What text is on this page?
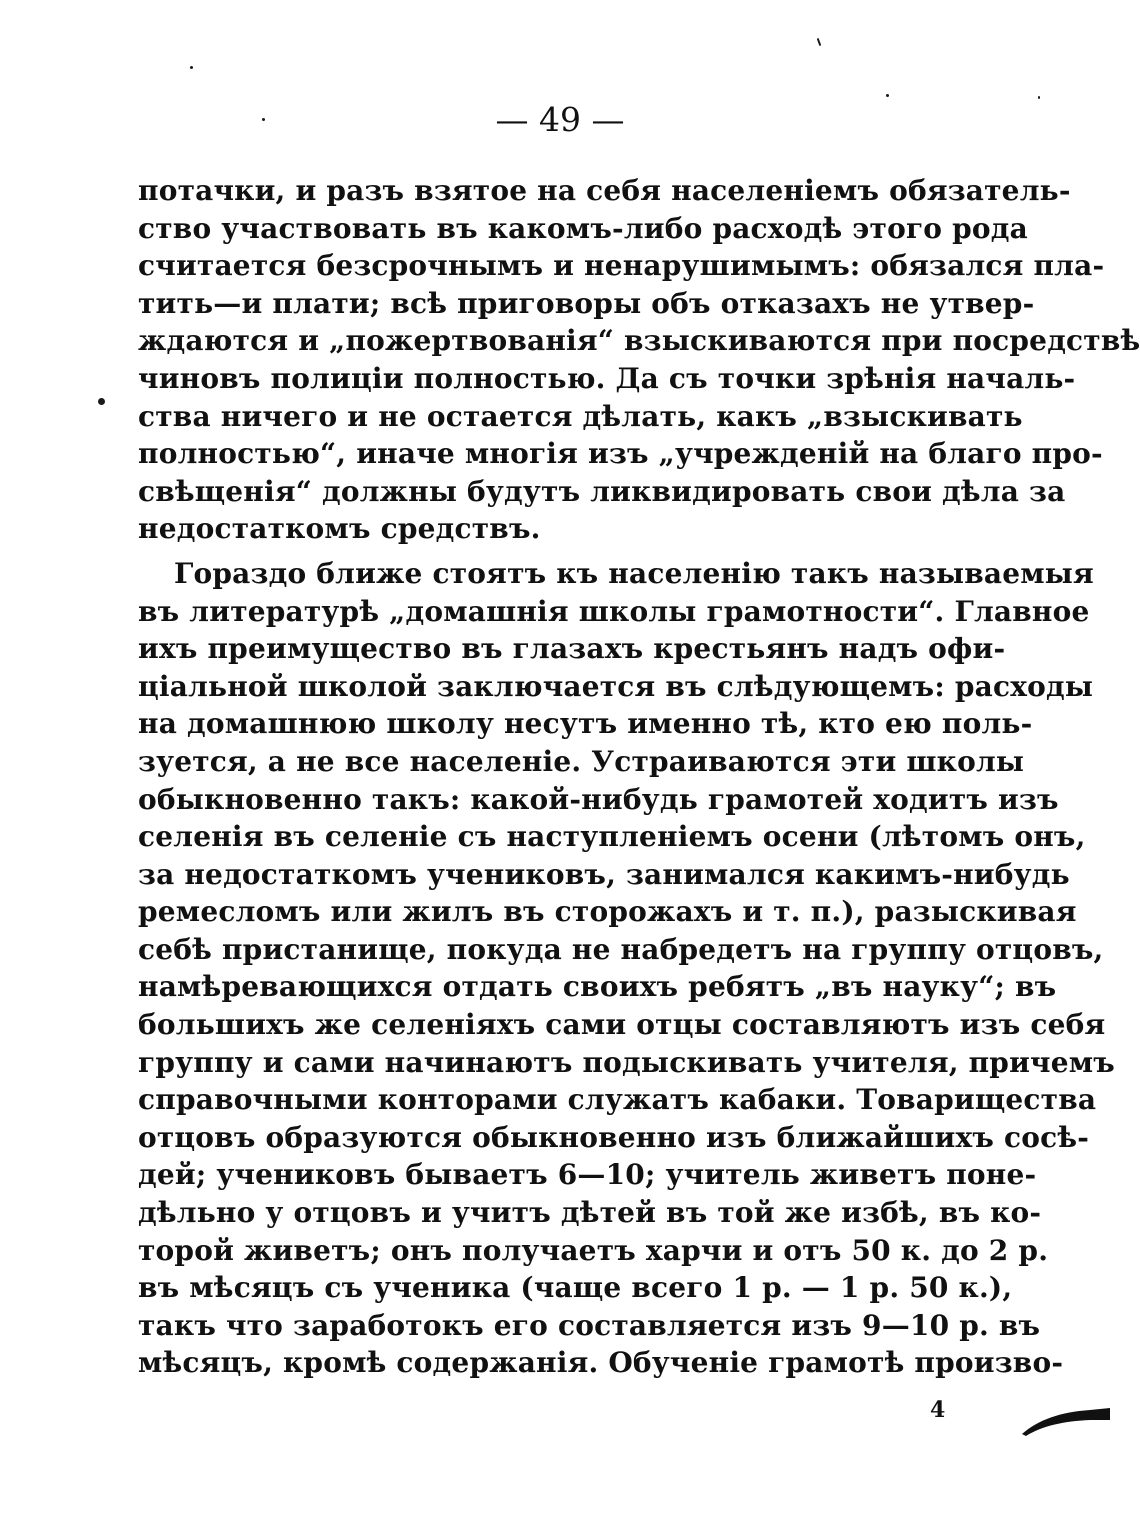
— 49 —
потачки, и разъ взятое на себя населеніемъ обязатель-
ство участвовать въ какомъ-либо расходѣ этого рода
считается безсрочнымъ и ненарушимымъ: обязался пла-
тить—и плати; всѣ приговоры объ отказахъ не утвер-
ждаются и „пожертвованія“ взыскиваются при посредствѣ
чиновъ полиціи полностью. Да съ точки зрѣнія началь-
ства ничего и не остается дѣлать, какъ „взыскивать
полностью“, иначе многія изъ „учрежденій на благо про-
свѣщенія“ должны будутъ ликвидировать свои дѣла за
недостаткомъ средствъ.
Гораздо ближе стоятъ къ населенію такъ называемыя
въ литературѣ „домашнія школы грамотности“. Главное
ихъ преимущество въ глазахъ крестьянъ надъ офи-
ціальной школой заключается въ слѣдующемъ: расходы
на домашнюю школу несутъ именно тѣ, кто ею поль-
зуется, а не все населеніе. Устраиваются эти школы
обыкновенно такъ: какой-нибудь грамотей ходитъ изъ
селенія въ селеніе съ наступленіемъ осени (лѣтомъ онъ,
за недостаткомъ учениковъ, занимался какимъ-нибудь
ремесломъ или жилъ въ сторожахъ и т. п.), разыскивая
себѣ пристанище, покуда не набредетъ на группу отцовъ,
намѣревающихся отдать своихъ ребятъ „въ науку“; въ
большихъ же селеніяхъ сами отцы составляютъ изъ себя
группу и сами начинаютъ подыскивать учителя, причемъ
справочными конторами служатъ кабаки. Товарищества
отцовъ образуются обыкновенно изъ ближайшихъ сосѣ-
дей; учениковъ бываетъ 6—10; учитель живетъ поне-
дѣльно у отцовъ и учитъ дѣтей въ той же избѣ, въ ко-
торой живетъ; онъ получаетъ харчи и отъ 50 к. до 2 р.
въ мѣсяцъ съ ученика (чаще всего 1 р. — 1 р. 50 к.),
такъ что заработокъ его составляется изъ 9—10 р. въ
мѣсяцъ, кромѣ содержанія. Обученіе грамотѣ произво-
4
